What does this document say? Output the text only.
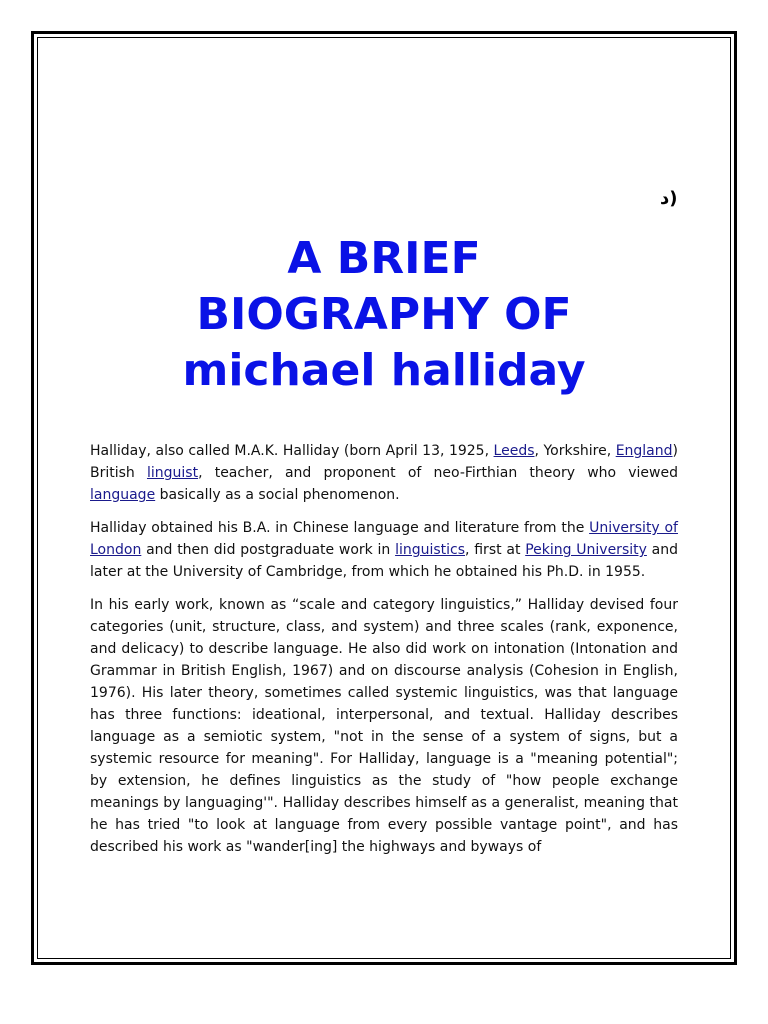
د)
A BRIEF
BIOGRAPHY OF
michael halliday

Halliday, also called M.A.K. Halliday (born April 13, 1925, Leeds, Yorkshire, England) British linguist, teacher, and proponent of neo-Firthian theory who viewed language basically as a social phenomenon.

Halliday obtained his B.A. in Chinese language and literature from the University of London and then did postgraduate work in linguistics, first at Peking University and later at the University of Cambridge, from which he obtained his Ph.D. in 1955.

In his early work, known as “scale and category linguistics,” Halliday devised four categories (unit, structure, class, and system) and three scales (rank, exponence, and delicacy) to describe language. He also did work on intonation (Intonation and Grammar in British English, 1967) and on discourse analysis (Cohesion in English, 1976). His later theory, sometimes called systemic linguistics, was that language has three functions: ideational, interpersonal, and textual. Halliday describes language as a semiotic system, "not in the sense of a system of signs, but a systemic resource for meaning". For Halliday, language is a "meaning potential"; by extension, he defines linguistics as the study of "how people exchange meanings by languaging'". Halliday describes himself as a generalist, meaning that he has tried "to look at language from every possible vantage point", and has described his work as "wander[ing] the highways and byways of
